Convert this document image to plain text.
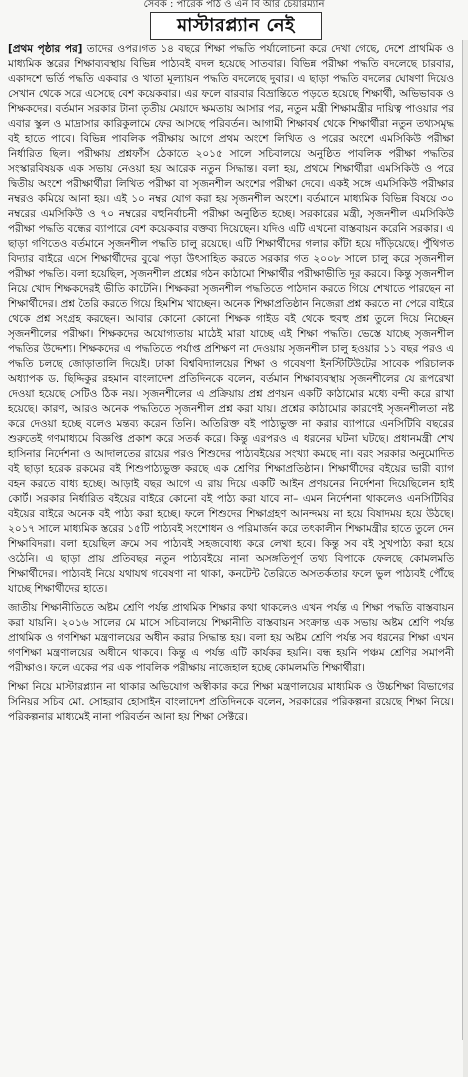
সেবক : পারেক পাঠ ও এন বি আর চেয়ারম্যান
মাস্টারপ্ল্যান নেই

[প্রথম পৃষ্ঠার পর] তাদের ওপর।গত ১৪ বছরে শিক্ষা পদ্ধতি পর্যালোচনা করে দেখা গেছে, দেশে প্রাথমিক ও মাধ্যমিক স্তরের শিক্ষাব্যবস্থায় বিভিন্ন পাঠ্যবই বদল হয়েছে সাতবার। বিভিন্ন পরীক্ষা পদ্ধতি বদলেছে চারবার, একাদশে ভর্তি পদ্ধতি একবার ও খাতা মূল্যায়ন পদ্ধতি বদলেছে দুবার। এ ছাড়া পদ্ধতি বদলের ঘোষণা দিয়েও সেখান থেকে সরে এসেছে বেশ কয়েকবার। এর ফলে বারবার বিভ্রান্তিতে পড়তে হয়েছে শিক্ষার্থী, অভিভাবক ও শিক্ষকদের। বর্তমান সরকার টানা তৃতীয় মেয়াদে ক্ষমতায় আসার পর, নতুন মন্ত্রী শিক্ষামন্ত্রীর দায়িত্ব পাওয়ার পর এবার স্কুল ও মাদ্রাসার কারিকুলামে ফের আসছে পরিবর্তন। আগামী শিক্ষাবর্ষ থেকে শিক্ষার্থীরা নতুন তথ্যসমৃদ্ধ বই হাতে পাবে। বিভিন্ন পাবলিক পরীক্ষায় আগে প্রথম অংশে লিখিত ও পরের অংশে এমসিকিউ পরীক্ষা নির্ধারিত ছিল। পরীক্ষায় প্রশ্নফাঁস ঠেকাতে ২০১৫ সালে সচিবালয়ে অনুষ্ঠিত পাবলিক পরীক্ষা পদ্ধতির সংস্কারবিষয়ক এক সভায় নেওয়া হয় আরেক নতুন সিদ্ধান্ত। বলা হয়, প্রথমে শিক্ষার্থীরা এমসিকিউ ও পরে দ্বিতীয় অংশে পরীক্ষার্থীরা লিখিত পরীক্ষা বা সৃজনশীল অংশের পরীক্ষা দেবে। একই সঙ্গে এমসিকিউ পরীক্ষার নম্বরও কমিয়ে আনা হয়। এই ১০ নম্বর যোগ করা হয় সৃজনশীল অংশে। বর্তমানে মাধ্যমিক বিভিন্ন বিষয়ে ৩০ নম্বরের এমসিকিউ ও ৭০ নম্বরের বহুনির্বাচনী পরীক্ষা অনুষ্ঠিত হচ্ছে। সরকারের মন্ত্রী, সৃজনশীল এমসিকিউ পরীক্ষা পদ্ধতি বন্ধের ব্যাপারে বেশ কয়েকবার বক্তব্য দিয়েছেন। যদিও এটি এখনো বাস্তবায়ন করেনি সরকার। এ ছাড়া গণিতেও বর্তমানে সৃজনশীল পদ্ধতি চালু রয়েছে। এটি শিক্ষার্থীদের গলার কাঁটা হয়ে দাঁড়িয়েছে। পুঁথিগত বিদ্যার বাইরে এসে শিক্ষার্থীদের বুঝে পড়া উৎসাহিত করতে সরকার গত ২০০৮ সালে চালু করে সৃজনশীল পরীক্ষা পদ্ধতি। বলা হয়েছিল, সৃজনশীল প্রশ্নের গঠন কাঠামো শিক্ষার্থীর পরীক্ষাভীতি দূর করবে। কিন্তু সৃজনশীল নিয়ে খোদ শিক্ষকদেরই ভীতি কাটেনি। শিক্ষকরা সৃজনশীল পদ্ধতিতে পাঠদান করতে গিয়ে শেখাতে পারছেন না শিক্ষার্থীদের। প্রশ্ন তৈরি করতে গিয়ে হিমশিম খাচ্ছেন। অনেক শিক্ষাপ্রতিষ্ঠান নিজেরা প্রশ্ন করতে না পেরে বাইরে থেকে প্রশ্ন সংগ্রহ করছেন। আবার কোনো কোনো শিক্ষক গাইড বই থেকে হুবহু প্রশ্ন তুলে দিয়ে নিচ্ছেন সৃজনশীলের পরীক্ষা। শিক্ষকদের অযোগ্যতায় মাঠেই মারা যাচ্ছে এই শিক্ষা পদ্ধতি। ভেস্তে যাচ্ছে সৃজনশীল পদ্ধতির উদ্দেশ্য। শিক্ষকদের এ পদ্ধতিতে পর্যাপ্ত প্রশিক্ষণ না দেওয়ায় সৃজনশীল চালু হওয়ার ১১ বছর পরও এ পদ্ধতি চলছে জোড়াতালি দিয়েই। ঢাকা বিশ্ববিদ্যালয়ের শিক্ষা ও গবেষণা ইনস্টিটিউটের সাবেক পরিচালক অধ্যাপক ড. ছিদ্দিকুর রহমান বাংলাদেশ প্রতিদিনকে বলেন, বর্তমান শিক্ষাব্যবস্থায় সৃজনশীলের যে রূপরেখা দেওয়া হয়েছে সেটিও ঠিক নয়। সৃজনশীলের এ প্রক্রিয়ায় প্রশ্ন প্রণয়ন একটি কাঠামোর মধ্যে বন্দী করে রাখা হয়েছে। কারণ, আরও অনেক পদ্ধতিতে সৃজনশীল প্রশ্ন করা যায়। প্রশ্নের কাঠামোর কারণেই সৃজনশীলতা নষ্ট করে দেওয়া হচ্ছে বলেও মন্তব্য করেন তিনি। অতিরিক্ত বই পাঠ্যভুক্ত না করার ব্যাপারে এনসিটিবি বছরের শুরুতেই গণমাধ্যমে বিজ্ঞপ্তি প্রকাশ করে সতর্ক করে। কিন্তু এরপরও এ ধরনের ঘটনা ঘটছে। প্রধানমন্ত্রী শেখ হাসিনার নির্দেশনা ও আদালতের রায়ের পরও শিশুদের পাঠ্যবইয়ের সংখ্যা কমছে না। বরং সরকার অনুমোদিত বই ছাড়া হরেক রকমের বই শিশুপাঠ্যভুক্ত করছে এক শ্রেণির শিক্ষাপ্রতিষ্ঠান। শিক্ষার্থীদের বইয়ের ভারী ব্যাগ বহন করতে বাধ্য হচ্ছে। আড়াই বছর আগে এ রায় দিয়ে একটি আইন প্রণয়নের নির্দেশনা দিয়েছিলেন হাই কোর্ট। সরকার নির্ধারিত বইয়ের বাইরে কোনো বই পাঠ্য করা যাবে না– এমন নির্দেশনা থাকলেও এনসিটিবির বইয়ের বাইরে অনেক বই পাঠ্য করা হচ্ছে। ফলে শিশুদের শিক্ষাগ্রহণ আনন্দময় না হয়ে বিষাদময় হয়ে উঠছে। ২০১৭ সালে মাধ্যমিক স্তরের ১৫টি পাঠ্যবই সংশোধন ও পরিমার্জন করে তৎকালীন শিক্ষামন্ত্রীর হাতে তুলে দেন শিক্ষাবিদরা। বলা হয়েছিল ক্রমে সব পাঠ্যবই সহজবোধ্য করে লেখা হবে। কিন্তু সব বই সুখপাঠ্য করা হয়ে ওঠেনি। এ ছাড়া প্রায় প্রতিবছর নতুন পাঠ্যবইয়ে নানা অসঙ্গতিপূর্ণ তথ্য বিপাকে ফেলছে কোমলমতি শিক্ষার্থীদের। পাঠ্যবই নিয়ে যথাযথ গবেষণা না থাকা, কনটেন্ট তৈরিতে অসতর্কতার ফলে ভুল পাঠ্যবই পৌঁছে যাচ্ছে শিক্ষার্থীদের হাতে।

জাতীয় শিক্ষানীতিতে অষ্টম শ্রেণি পর্যন্ত প্রাথমিক শিক্ষার কথা থাকলেও এখন পর্যন্ত এ শিক্ষা পদ্ধতি বাস্তবায়ন করা যায়নি। ২০১৬ সালের মে মাসে সচিবালয়ে শিক্ষানীতি বাস্তবায়ন সংক্রান্ত এক সভায় অষ্টম শ্রেণি পর্যন্ত প্রাথমিক ও গণশিক্ষা মন্ত্রণালয়ের অধীন করার সিদ্ধান্ত হয়। বলা হয় অষ্টম শ্রেণি পর্যন্ত সব ধরনের শিক্ষা এখন গণশিক্ষা মন্ত্রণালয়ের অধীনে থাকবে। কিন্তু এ পর্যন্ত এটি কার্যকর হয়নি। বন্ধ হয়নি পঞ্চম শ্রেণির সমাপনী পরীক্ষাও। ফলে একের পর এক পাবলিক পরীক্ষায় নাজেহাল হচ্ছে কোমলমতি শিক্ষার্থীরা।

শিক্ষা নিয়ে মাস্টারপ্ল্যান না থাকার অভিযোগ অস্বীকার করে শিক্ষা মন্ত্রণালয়ের মাধ্যমিক ও উচ্চশিক্ষা বিভাগের সিনিয়র সচিব মো. সোহরাব হোসাইন বাংলাদেশ প্রতিদিনকে বলেন, সরকারের পরিকল্পনা রয়েছে শিক্ষা নিয়ে। পরিকল্পনার মাধ্যমেই নানা পরিবর্তন আনা হয় শিক্ষা সেক্টরে।
